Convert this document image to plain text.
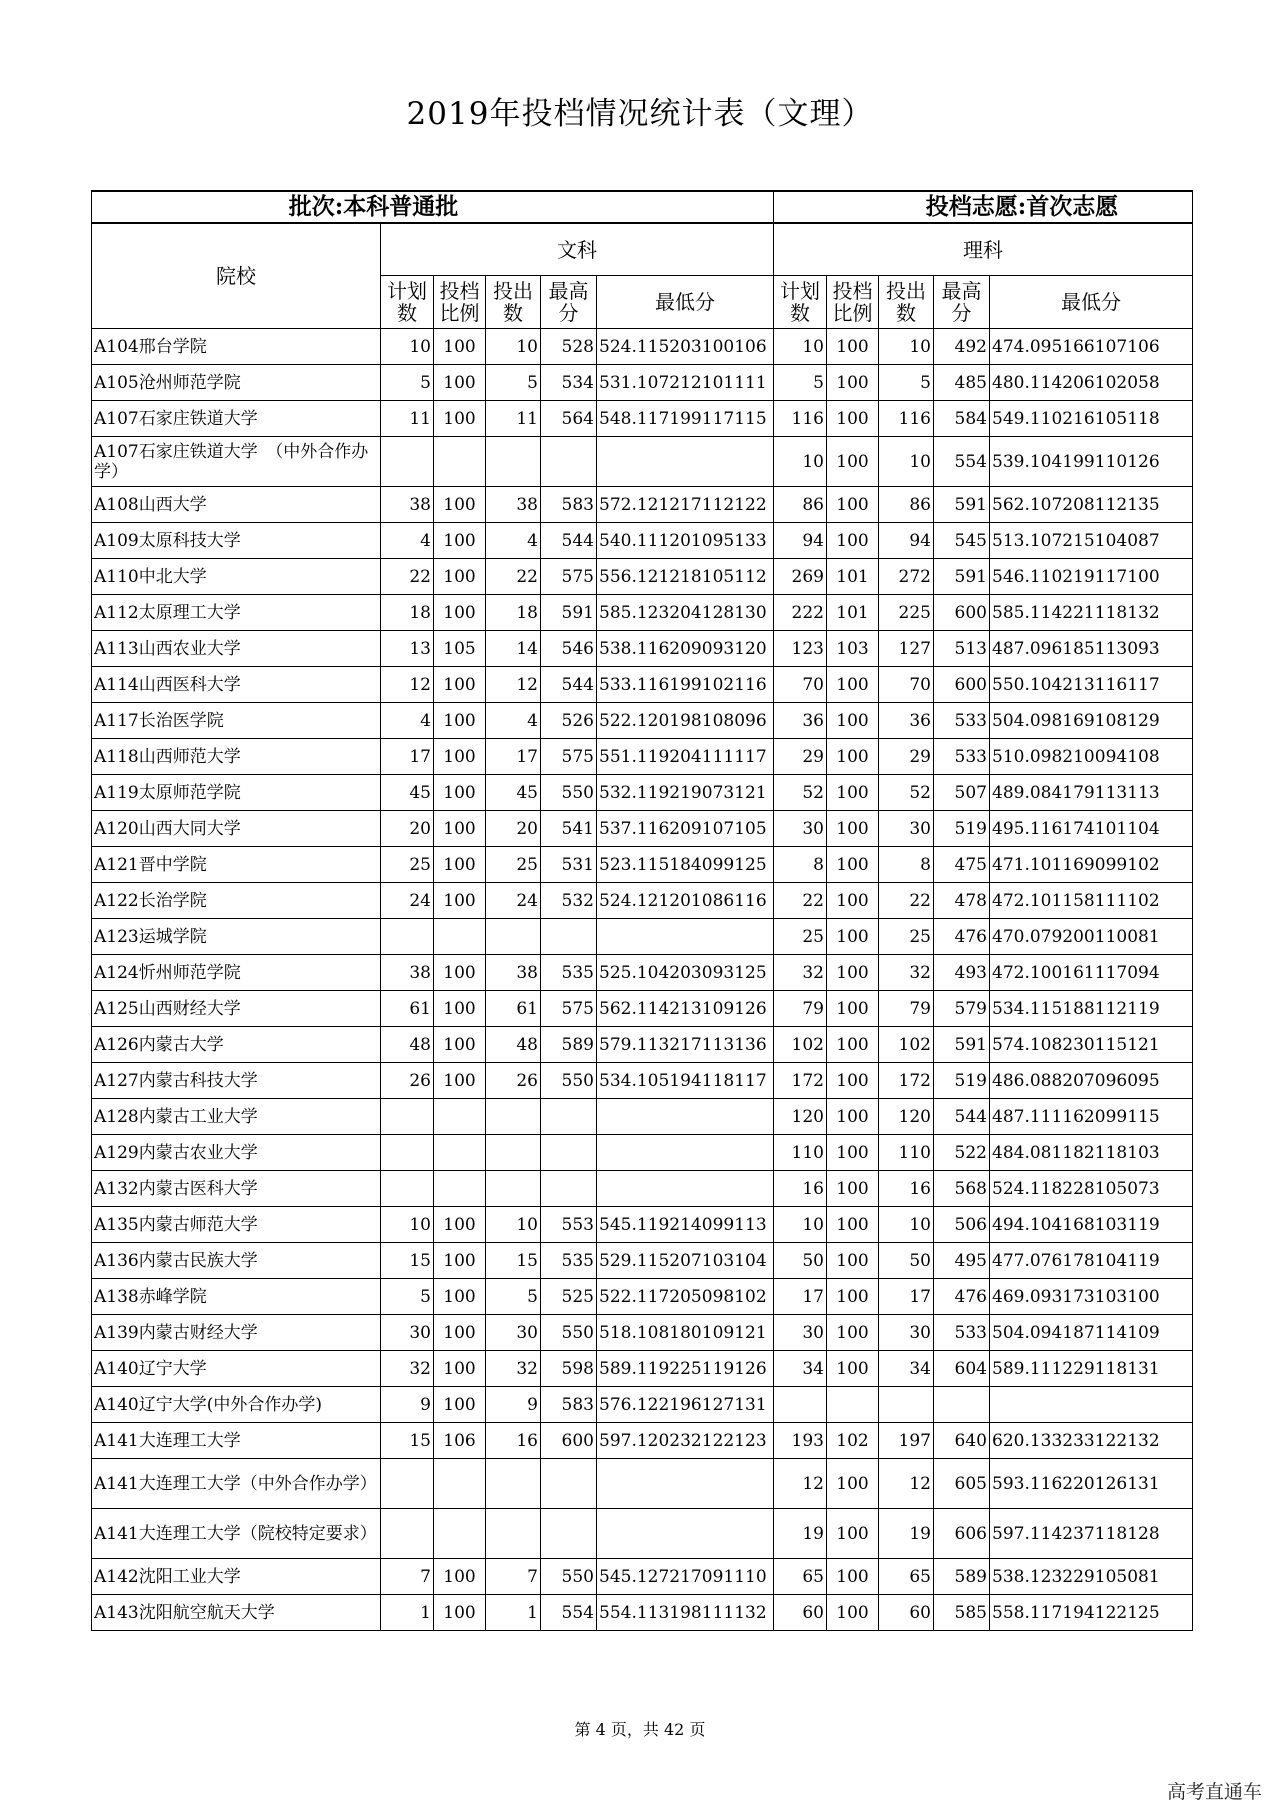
2019年投档情况统计表（文理）
批次:本科普通批						投档志愿:首次志愿				
院校	文科					理科				
	计划数	投档比例	投出数	最高分	最低分	计划数	投档比例	投出数	最高分	最低分
A104邢台学院	10	100	10	528	524.115203100106	10	100	10	492	474.095166107106
A105沧州师范学院	5	100	5	534	531.107212101111	5	100	5	485	480.114206102058
A107石家庄铁道大学	11	100	11	564	548.117199117115	116	100	116	584	549.110216105118
A107石家庄铁道大学　（中外合作办学）						10	100	10	554	539.104199110126
A108山西大学	38	100	38	583	572.121217112122	86	100	86	591	562.107208112135
A109太原科技大学	4	100	4	544	540.111201095133	94	100	94	545	513.107215104087
A110中北大学	22	100	22	575	556.121218105112	269	101	272	591	546.110219117100
A112太原理工大学	18	100	18	591	585.123204128130	222	101	225	600	585.114221118132
A113山西农业大学	13	105	14	546	538.116209093120	123	103	127	513	487.096185113093
A114山西医科大学	12	100	12	544	533.116199102116	70	100	70	600	550.104213116117
A117长治医学院	4	100	4	526	522.120198108096	36	100	36	533	504.098169108129
A118山西师范大学	17	100	17	575	551.119204111117	29	100	29	533	510.098210094108
A119太原师范学院	45	100	45	550	532.119219073121	52	100	52	507	489.084179113113
A120山西大同大学	20	100	20	541	537.116209107105	30	100	30	519	495.116174101104
A121晋中学院	25	100	25	531	523.115184099125	8	100	8	475	471.101169099102
A122长治学院	24	100	24	532	524.121201086116	22	100	22	478	472.101158111102
A123运城学院						25	100	25	476	470.079200110081
A124忻州师范学院	38	100	38	535	525.104203093125	32	100	32	493	472.100161117094
A125山西财经大学	61	100	61	575	562.114213109126	79	100	79	579	534.115188112119
A126内蒙古大学	48	100	48	589	579.113217113136	102	100	102	591	574.108230115121
A127内蒙古科技大学	26	100	26	550	534.105194118117	172	100	172	519	486.088207096095
A128内蒙古工业大学						120	100	120	544	487.111162099115
A129内蒙古农业大学						110	100	110	522	484.081182118103
A132内蒙古医科大学						16	100	16	568	524.118228105073
A135内蒙古师范大学	10	100	10	553	545.119214099113	10	100	10	506	494.104168103119
A136内蒙古民族大学	15	100	15	535	529.115207103104	50	100	50	495	477.076178104119
A138赤峰学院	5	100	5	525	522.117205098102	17	100	17	476	469.093173103100
A139内蒙古财经大学	30	100	30	550	518.108180109121	30	100	30	533	504.094187114109
A140辽宁大学	32	100	32	598	589.119225119126	34	100	34	604	589.111229118131
A140辽宁大学(中外合作办学)	9	100	9	583	576.122196127131					
A141大连理工大学	15	106	16	600	597.120232122123	193	102	197	640	620.133233122132
A141大连理工大学（中外合作办学）						12	100	12	605	593.116220126131
A141大连理工大学（院校特定要求）						19	100	19	606	597.114237118128
A142沈阳工业大学	7	100	7	550	545.127217091110	65	100	65	589	538.123229105081
A143沈阳航空航天大学	1	100	1	554	554.113198111132	60	100	60	585	558.117194122125
第 4 页，共 42 页
高考直通车
